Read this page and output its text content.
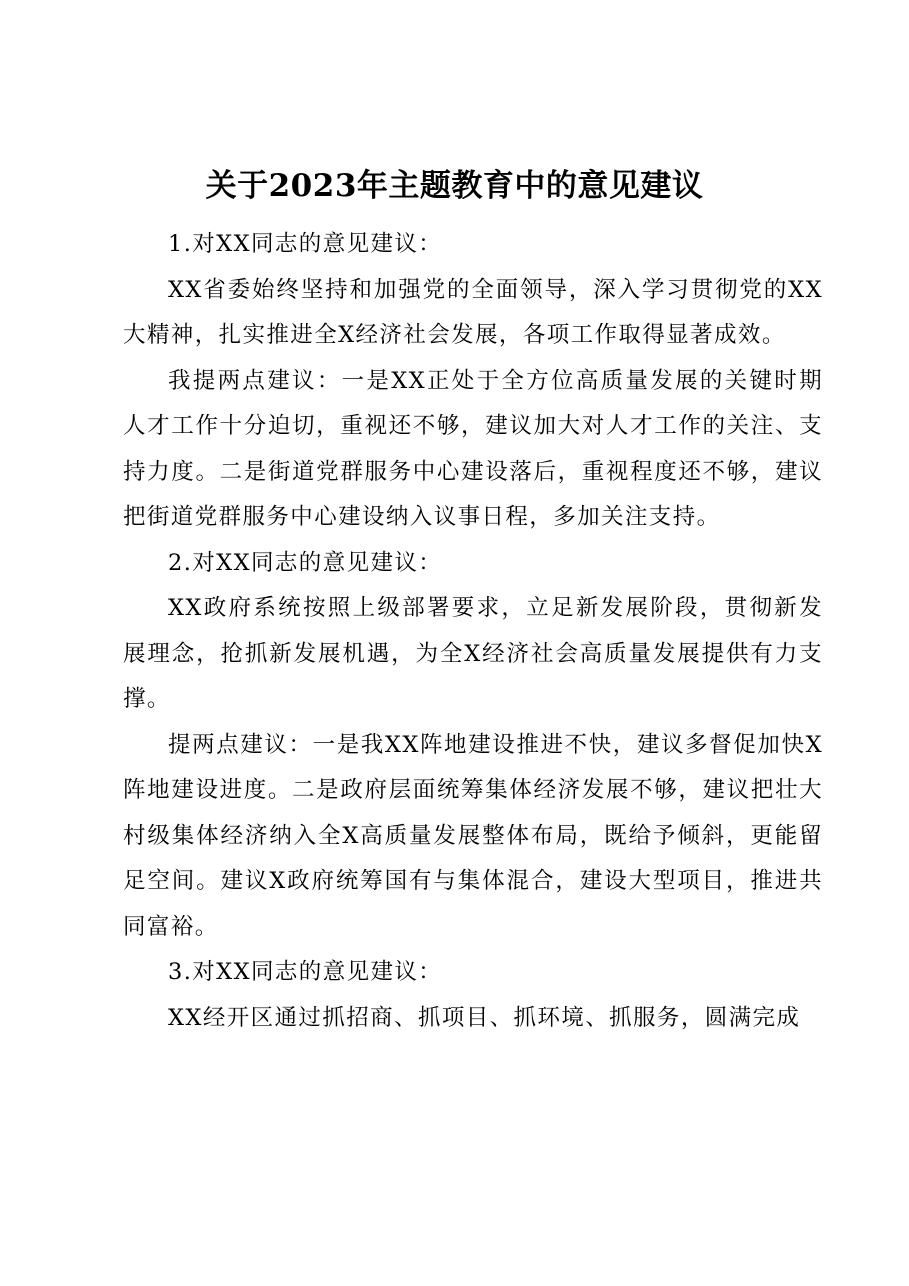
关于2023年主题教育中的意见建议

1.对XX同志的意见建议：

XX省委始终坚持和加强党的全面领导，深入学习贯彻党的XX大精神，扎实推进全X经济社会发展，各项工作取得显著成效。

我提两点建议：一是XX正处于全方位高质量发展的关键时期人才工作十分迫切，重视还不够，建议加大对人才工作的关注、支持力度。二是街道党群服务中心建设落后，重视程度还不够，建议把街道党群服务中心建设纳入议事日程，多加关注支持。

2.对XX同志的意见建议：

XX政府系统按照上级部署要求，立足新发展阶段，贯彻新发展理念，抢抓新发展机遇，为全X经济社会高质量发展提供有力支撑。

提两点建议：一是我XX阵地建设推进不快，建议多督促加快X阵地建设进度。二是政府层面统筹集体经济发展不够，建议把壮大村级集体经济纳入全X高质量发展整体布局，既给予倾斜，更能留足空间。建议X政府统筹国有与集体混合，建设大型项目，推进共同富裕。

3.对XX同志的意见建议：

XX经开区通过抓招商、抓项目、抓环境、抓服务，圆满完成
